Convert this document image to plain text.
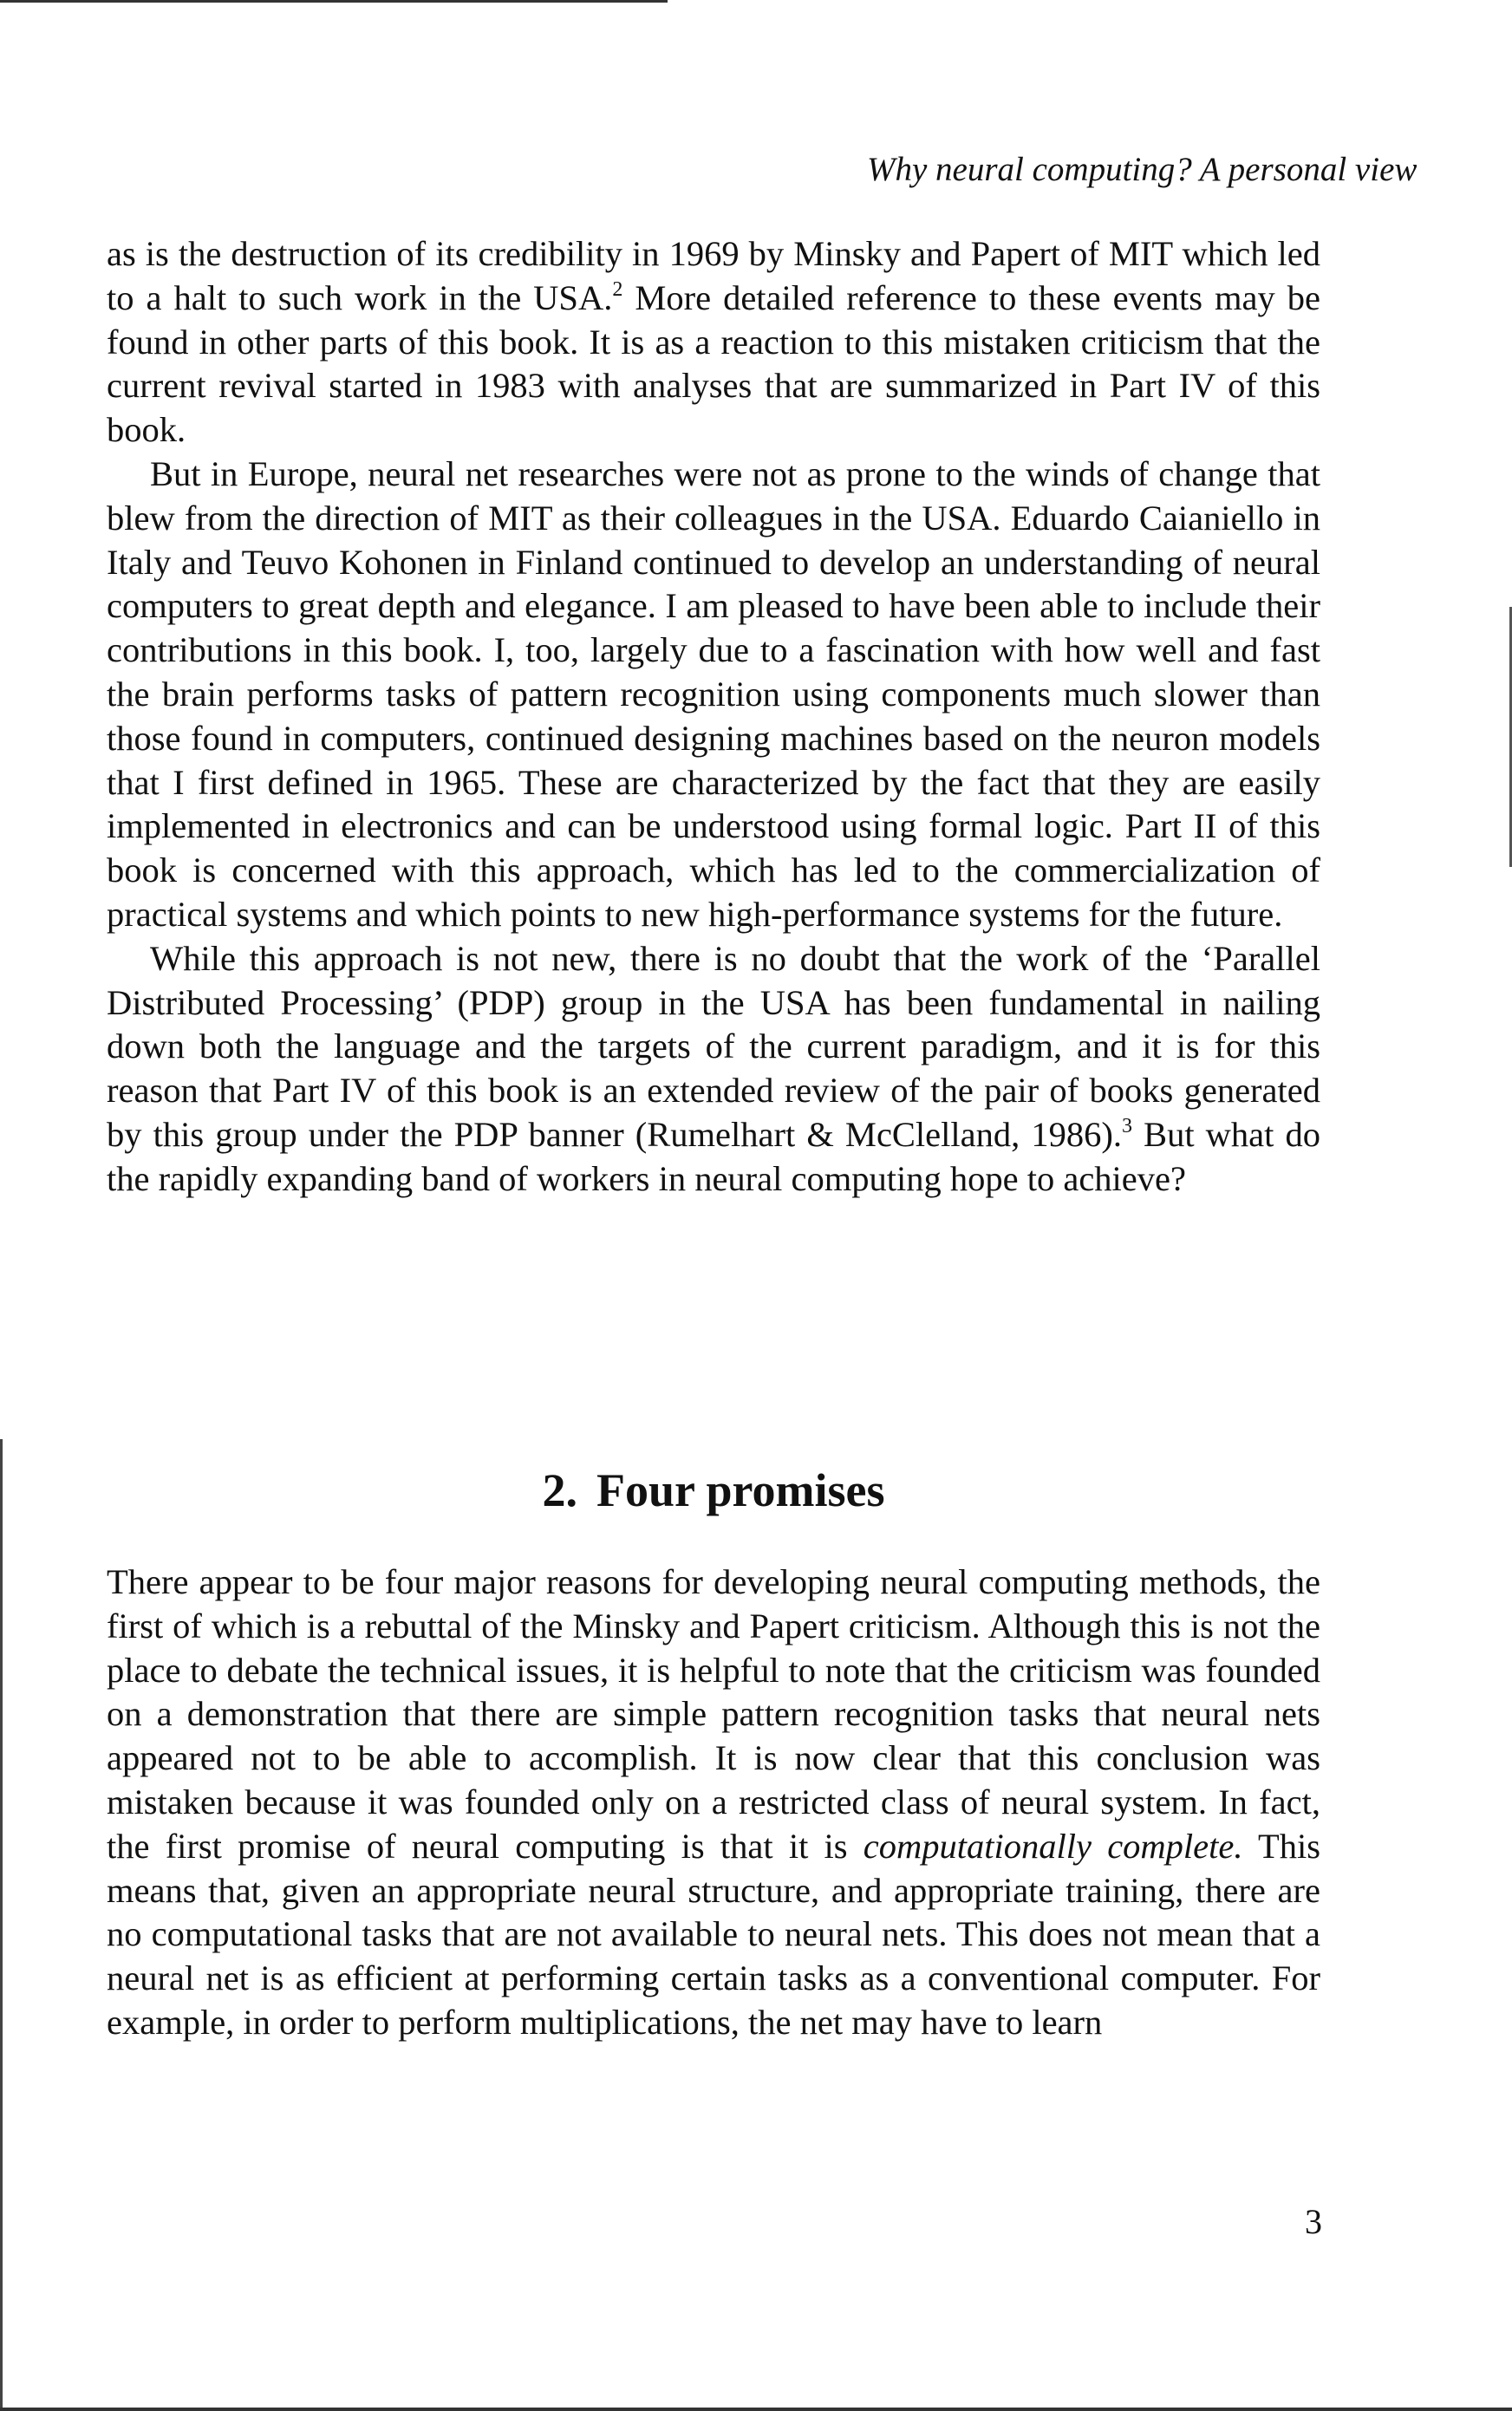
Why neural computing? A personal view

as is the destruction of its credibility in 1969 by Minsky and Papert of MIT which led to a halt to such work in the USA.$^2$ More detailed reference to these events may be found in other parts of this book. It is as a reaction to this mistaken criticism that the current revival started in 1983 with analyses that are summarized in Part IV of this book.

But in Europe, neural net researches were not as prone to the winds of change that blew from the direction of MIT as their colleagues in the USA. Eduardo Caianiello in Italy and Teuvo Kohonen in Finland continued to develop an understanding of neural computers to great depth and elegance. I am pleased to have been able to include their contributions in this book. I, too, largely due to a fascination with how well and fast the brain performs tasks of pattern recognition using components much slower than those found in computers, continued designing machines based on the neuron models that I first defined in 1965. These are characterized by the fact that they are easily implemented in electronics and can be understood using formal logic. Part II of this book is concerned with this approach, which has led to the commercialization of practical systems and which points to new high-performance systems for the future.

While this approach is not new, there is no doubt that the work of the ‘Parallel Distributed Processing’ (PDP) group in the USA has been fundamental in nailing down both the language and the targets of the current paradigm, and it is for this reason that Part IV of this book is an extended review of the pair of books generated by this group under the PDP banner (Rumelhart & McClelland, 1986).$^3$ But what do the rapidly expanding band of workers in neural computing hope to achieve?

2. Four promises

There appear to be four major reasons for developing neural computing methods, the first of which is a rebuttal of the Minsky and Papert criticism. Although this is not the place to debate the technical issues, it is helpful to note that the criticism was founded on a demonstration that there are simple pattern recognition tasks that neural nets appeared not to be able to accomplish. It is now clear that this conclusion was mistaken because it was founded only on a restricted class of neural system. In fact, the first promise of neural computing is that it is computationally complete. This means that, given an appropriate neural structure, and appropriate training, there are no computational tasks that are not available to neural nets. This does not mean that a neural net is as efficient at performing certain tasks as a conventional computer. For example, in order to perform multiplications, the net may have to learn

3
